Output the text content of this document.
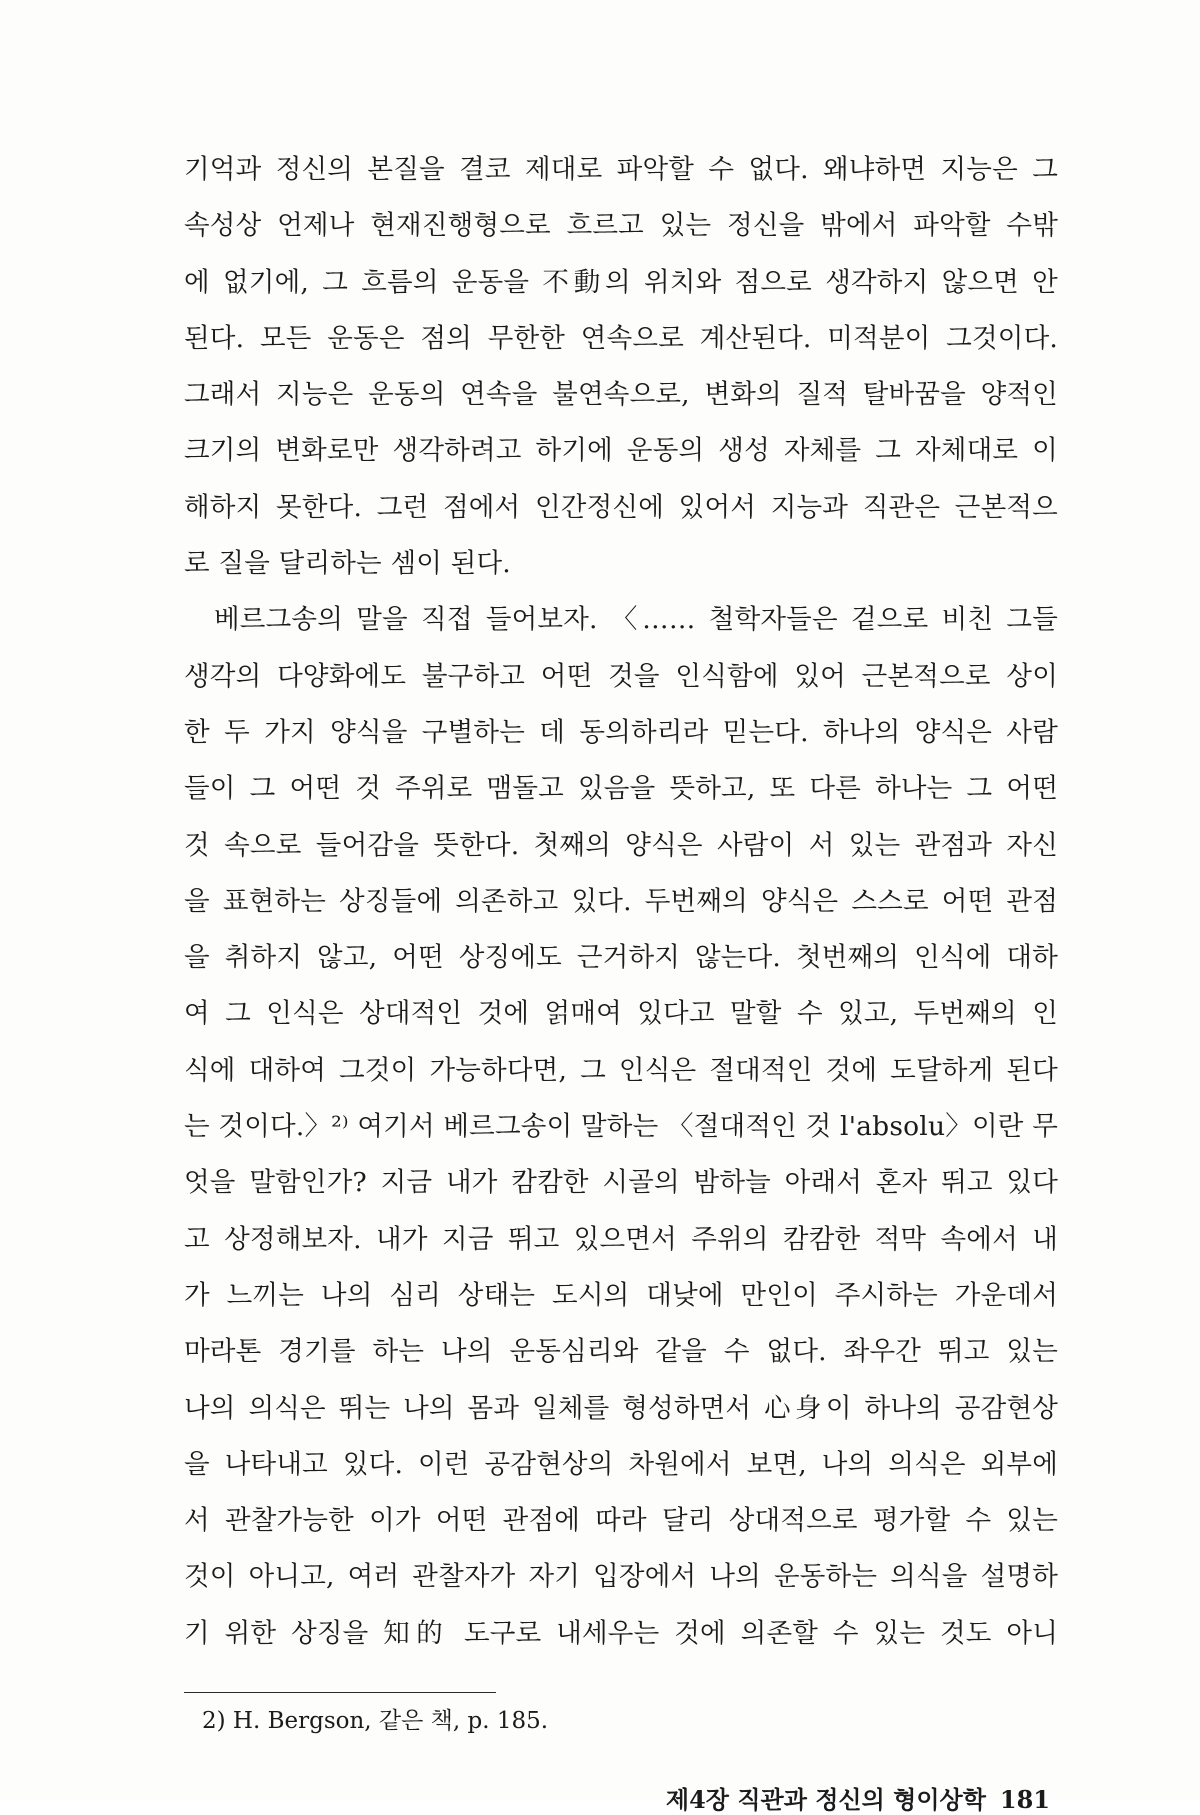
기억과 정신의 본질을 결코 제대로 파악할 수 없다. 왜냐하면 지능은 그
속성상 언제나 현재진행형으로 흐르고 있는 정신을 밖에서 파악할 수밖
에 없기에, 그 흐름의 운동을 不動의 위치와 점으로 생각하지 않으면 안
된다. 모든 운동은 점의 무한한 연속으로 계산된다. 미적분이 그것이다.
그래서 지능은 운동의 연속을 불연속으로, 변화의 질적 탈바꿈을 양적인
크기의 변화로만 생각하려고 하기에 운동의 생성 자체를 그 자체대로 이
해하지 못한다. 그런 점에서 인간정신에 있어서 지능과 직관은 근본적으
로 질을 달리하는 셈이 된다.
베르그송의 말을 직접 들어보자. 〈…… 철학자들은 겉으로 비친 그들
생각의 다양화에도 불구하고 어떤 것을 인식함에 있어 근본적으로 상이
한 두 가지 양식을 구별하는 데 동의하리라 믿는다. 하나의 양식은 사람
들이 그 어떤 것 주위로 맴돌고 있음을 뜻하고, 또 다른 하나는 그 어떤
것 속으로 들어감을 뜻한다. 첫째의 양식은 사람이 서 있는 관점과 자신
을 표현하는 상징들에 의존하고 있다. 두번째의 양식은 스스로 어떤 관점
을 취하지 않고, 어떤 상징에도 근거하지 않는다. 첫번째의 인식에 대하
여 그 인식은 상대적인 것에 얽매여 있다고 말할 수 있고, 두번째의 인
식에 대하여 그것이 가능하다면, 그 인식은 절대적인 것에 도달하게 된다
는 것이다.〉²⁾ 여기서 베르그송이 말하는 〈절대적인 것 l'absolu〉이란 무
엇을 말함인가? 지금 내가 캄캄한 시골의 밤하늘 아래서 혼자 뛰고 있다
고 상정해보자. 내가 지금 뛰고 있으면서 주위의 캄캄한 적막 속에서 내
가 느끼는 나의 심리 상태는 도시의 대낮에 만인이 주시하는 가운데서
마라톤 경기를 하는 나의 운동심리와 같을 수 없다. 좌우간 뛰고 있는
나의 의식은 뛰는 나의 몸과 일체를 형성하면서 心身이 하나의 공감현상
을 나타내고 있다. 이런 공감현상의 차원에서 보면, 나의 의식은 외부에
서 관찰가능한 이가 어떤 관점에 따라 달리 상대적으로 평가할 수 있는
것이 아니고, 여러 관찰자가 자기 입장에서 나의 운동하는 의식을 설명하
기 위한 상징을 知的 도구로 내세우는 것에 의존할 수 있는 것도 아니
2) H. Bergson, 같은 책, p. 185.
제4장 직관과 정신의 형이상학 181
